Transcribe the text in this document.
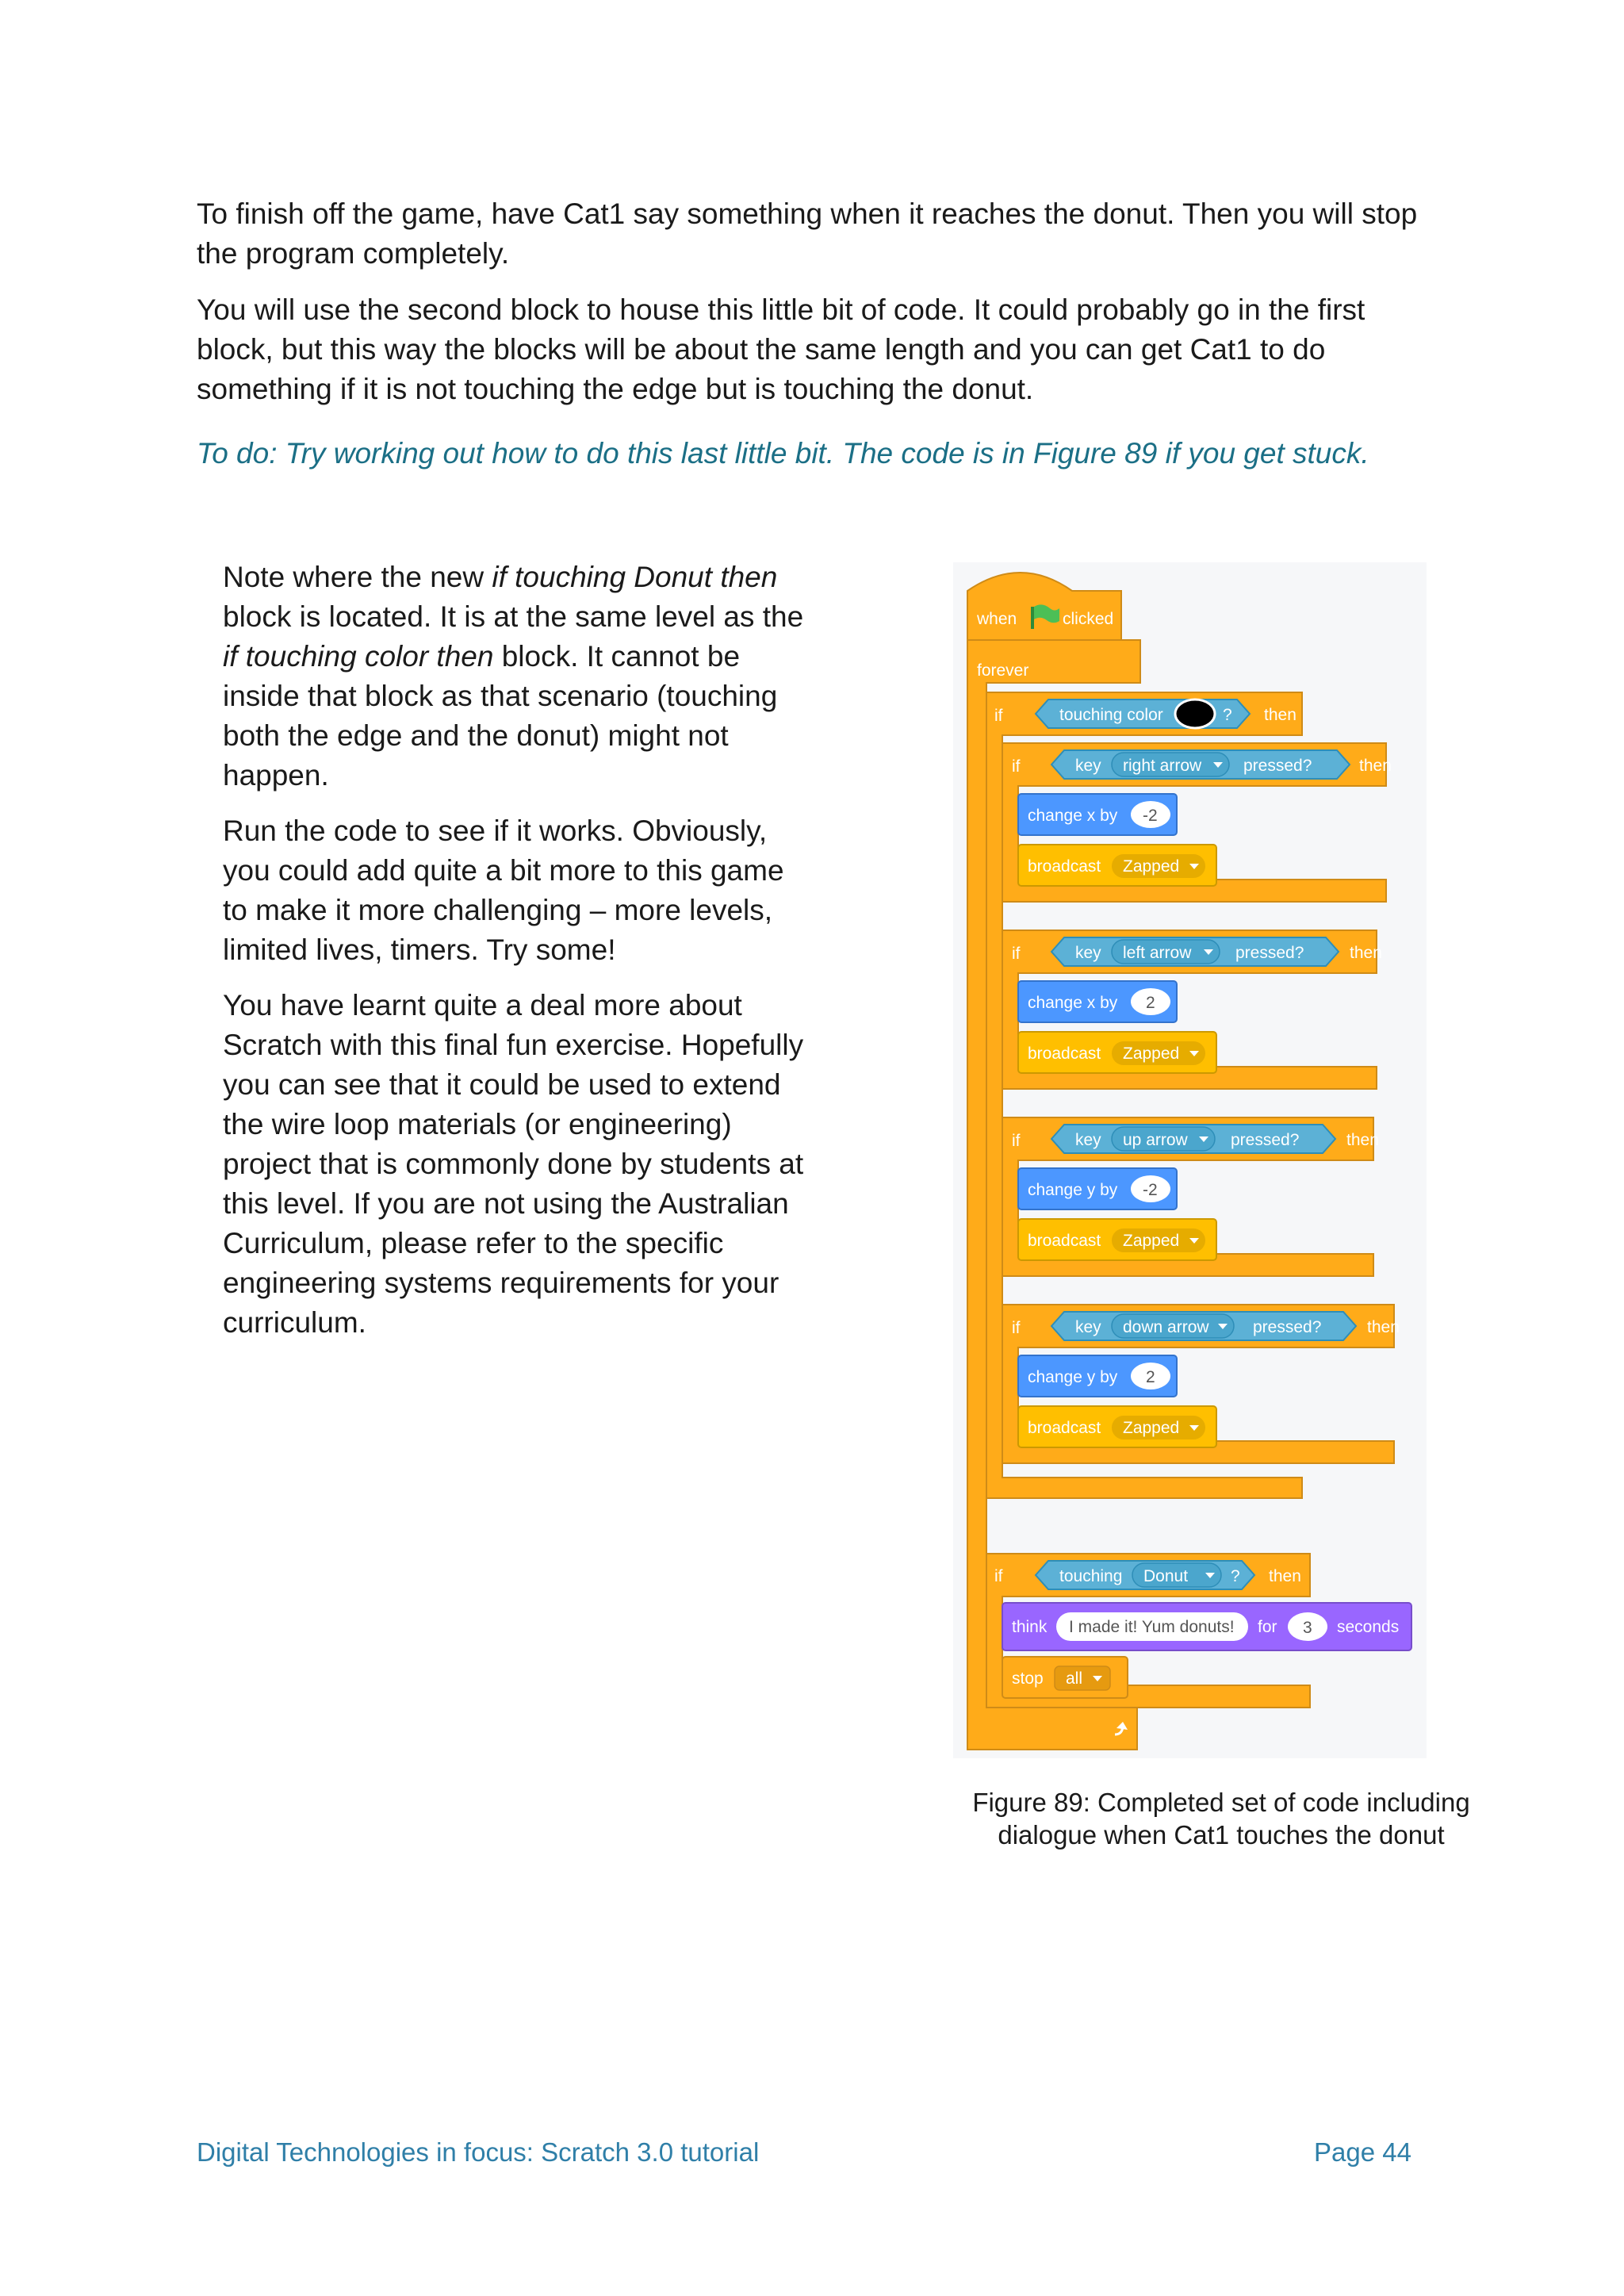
To finish off the game, have Cat1 say something when it reaches the donut. Then you will stop the program completely.

You will use the second block to house this little bit of code. It could probably go in the first block, but this way the blocks will be about the same length and you can get Cat1 to do something if it is not touching the edge but is touching the donut.

To do: Try working out how to do this last little bit. The code is in Figure 89 if you get stuck.

Note where the new if touching Donut then block is located. It is at the same level as the if touching color then block. It cannot be inside that block as that scenario (touching both the edge and the donut) might not happen.

Run the code to see if it works. Obviously, you could add quite a bit more to this game to make it more challenging – more levels, limited lives, timers. Try some!

You have learnt quite a deal more about Scratch with this final fun exercise. Hopefully you can see that it could be used to extend the wire loop materials (or engineering) project that is commonly done by students at this level. If you are not using the Australian Curriculum, please refer to the specific engineering systems requirements for your curriculum.

when	clicked
forever
if	touching color	? then
if	key right arrow	pressed?	then
change x by -2
broadcast Zapped
if	key left arrow	pressed?	then
change x by 2
broadcast Zapped
if	key up arrow	pressed?	then
change y by -2
broadcast Zapped
if	key down arrow	pressed?	then
change y by 2
broadcast Zapped
if	touching Donut	? then
think I made it! Yum donuts! for 3 seconds
stop all
Figure 89: Completed set of code including dialogue when Cat1 touches the donut
Digital Technologies in focus: Scratch 3.0 tutorial	Page 44
